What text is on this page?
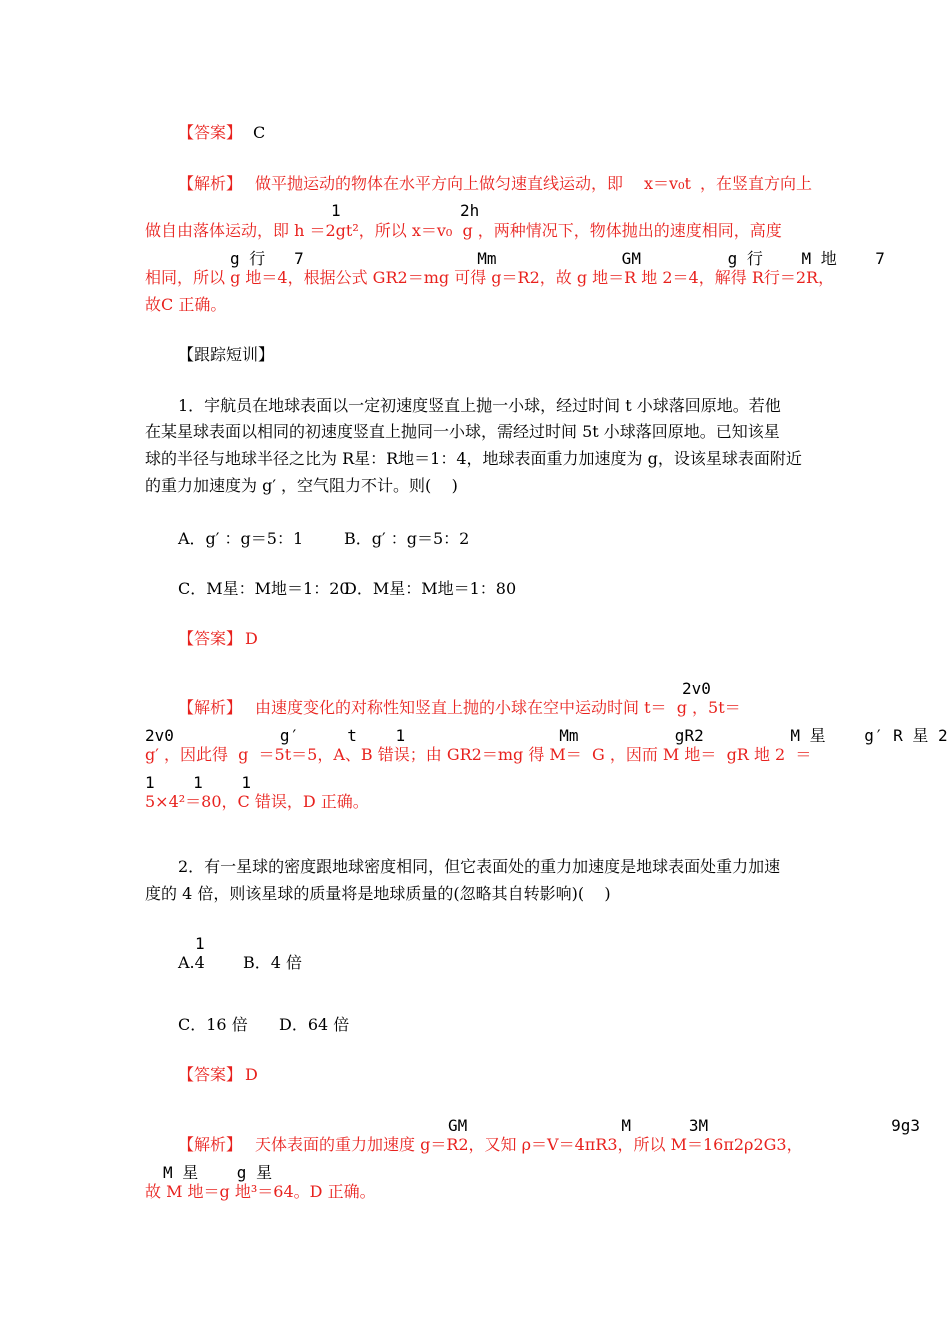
【答案】 C
【解析】 做平抛运动的物体在水平方向上做匀速直线运动，即 x＝v₀t ，在竖直方向上
1	2h
做自由落体运动，即 h ＝2gt²，所以 x＝v₀  g ，两种情况下，物体抛出的速度相同，高度
g 行   7                  Mm             GM         g 行    M 地    7
相同，所以 g 地＝4，根据公式 GR2＝mg 可得 g＝R2，故 g 地＝R 地 2＝4，解得 R行＝2R，
故C 正确。
【跟踪短训】
1．宇航员在地球表面以一定初速度竖直上抛一小球，经过时间 t 小球落回原地。若他
在某星球表面以相同的初速度竖直上抛同一小球，需经过时间 5t 小球落回原地。已知该星
球的半径与地球半径之比为 R星：R地＝1：4，地球表面重力加速度为 g，设该星球表面附近
的重力加速度为 g′ ，空气阻力不计。则(    )
A．g′ ：g＝5：1	B．g′ ：g＝5：2
C．M星：M地＝1：20
D．M星：M地＝1：80
【答案】 D
2v0
【解析】 由速度变化的对称性知竖直上抛的小球在空中运动时间 t＝  g ，5t＝
2v0           g′     t    1                Mm          gR2         M 星    g′ R 星 2
g′ ，因此得  g  ＝5t＝5，A、B 错误；由 GR2＝mg 得 M＝  G ，因而 M 地＝  gR 地 2  ＝
1    1    1
5×4²＝80，C 错误，D 正确。
2．有一星球的密度跟地球密度相同，但它表面处的重力加速度是地球表面处重力加速
度的 4 倍，则该星球的质量将是地球质量的(忽略其自转影响)(    )
1
A.4 B．4 倍
C．16 倍 D．64 倍
【答案】 D
GM                M      3M                   9g3
【解析】 天体表面的重力加速度 g＝R2，又知 ρ＝V＝4πR3，所以 M＝16π2ρ2G3，
M 星    g 星
故 M 地＝g 地³＝64。D 正确。
